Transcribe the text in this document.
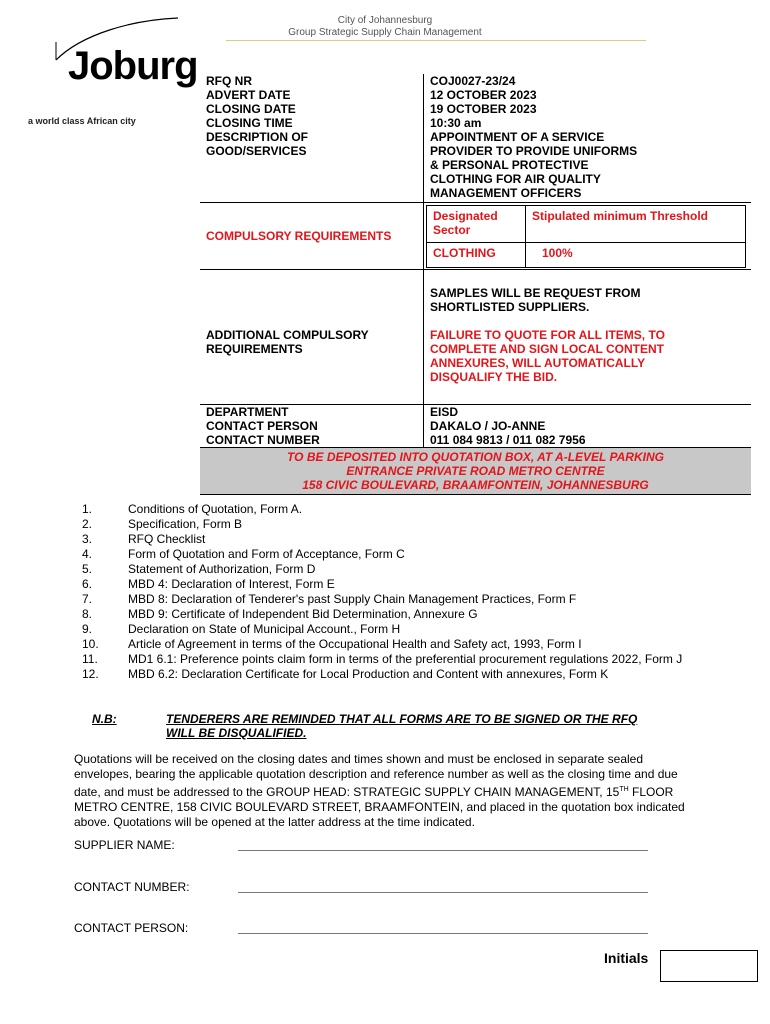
City of Johannesburg
Group Strategic Supply Chain Management
Joburg
a world class African city
RFQ NR	COJ0027-23/24
ADVERT DATE	12 OCTOBER 2023
CLOSING DATE	19 OCTOBER 2023
CLOSING TIME	10:30 am

DESCRIPTION OF
GOOD/SERVICES
	APPOINTMENT OF A SERVICE PROVIDER TO PROVIDE UNIFORMS & PERSONAL PROTECTIVE CLOTHING FOR AIR QUALITY MANAGEMENT OFFICERS
COMPULSORY REQUIREMENTS	
Designated Sector	Stipulated minimum Threshold
CLOTHING	100%

ADDITIONAL COMPULSORY REQUIREMENTS	
SAMPLES WILL BE REQUEST FROM SHORTLISTED SUPPLIERS.
FAILURE TO QUOTE FOR ALL ITEMS, TO COMPLETE AND SIGN LOCAL CONTENT ANNEXURES, WILL AUTOMATICALLY DISQUALIFY THE BID.

DEPARTMENT	EISD
CONTACT PERSON	DAKALO / JO-ANNE
CONTACT NUMBER	011 084 9813 / 011 082 7956

TO BE DEPOSITED INTO QUOTATION BOX, AT A-LEVEL PARKING
ENTRANCE PRIVATE ROAD METRO CENTRE
158 CIVIC BOULEVARD, BRAAMFONTEIN, JOHANNESBURG
1.	Conditions of Quotation, Form A.
2.	Specification, Form B
3.	RFQ Checklist
4.	Form of Quotation and Form of Acceptance, Form C
5.	Statement of Authorization, Form D
6.	MBD 4: Declaration of Interest, Form E
7.	MBD 8: Declaration of Tenderer's past Supply Chain Management Practices, Form F
8.	MBD 9: Certificate of Independent Bid Determination, Annexure G
9.	Declaration on State of Municipal Account., Form H
10.	Article of Agreement in terms of the Occupational Health and Safety act, 1993, Form I
11.	MD1 6.1: Preference points claim form in terms of the preferential procurement regulations 2022, Form J
12.	MBD 6.2: Declaration Certificate for Local Production and Content with annexures, Form K
N.B:	TENDERERS ARE REMINDED THAT ALL FORMS ARE TO BE SIGNED OR THE RFQ WILL BE DISQUALIFIED.
Quotations will be received on the closing dates and times shown and must be enclosed in separate sealed envelopes, bearing the applicable quotation description and reference number as well as the closing time and due date, and must be addressed to the GROUP HEAD: STRATEGIC SUPPLY CHAIN MANAGEMENT, 15TH FLOOR METRO CENTRE, 158 CIVIC BOULEVARD STREET, BRAAMFONTEIN, and placed in the quotation box indicated above. Quotations will be opened at the latter address at the time indicated.
SUPPLIER NAME:
CONTACT NUMBER:
CONTACT PERSON:
Initials
